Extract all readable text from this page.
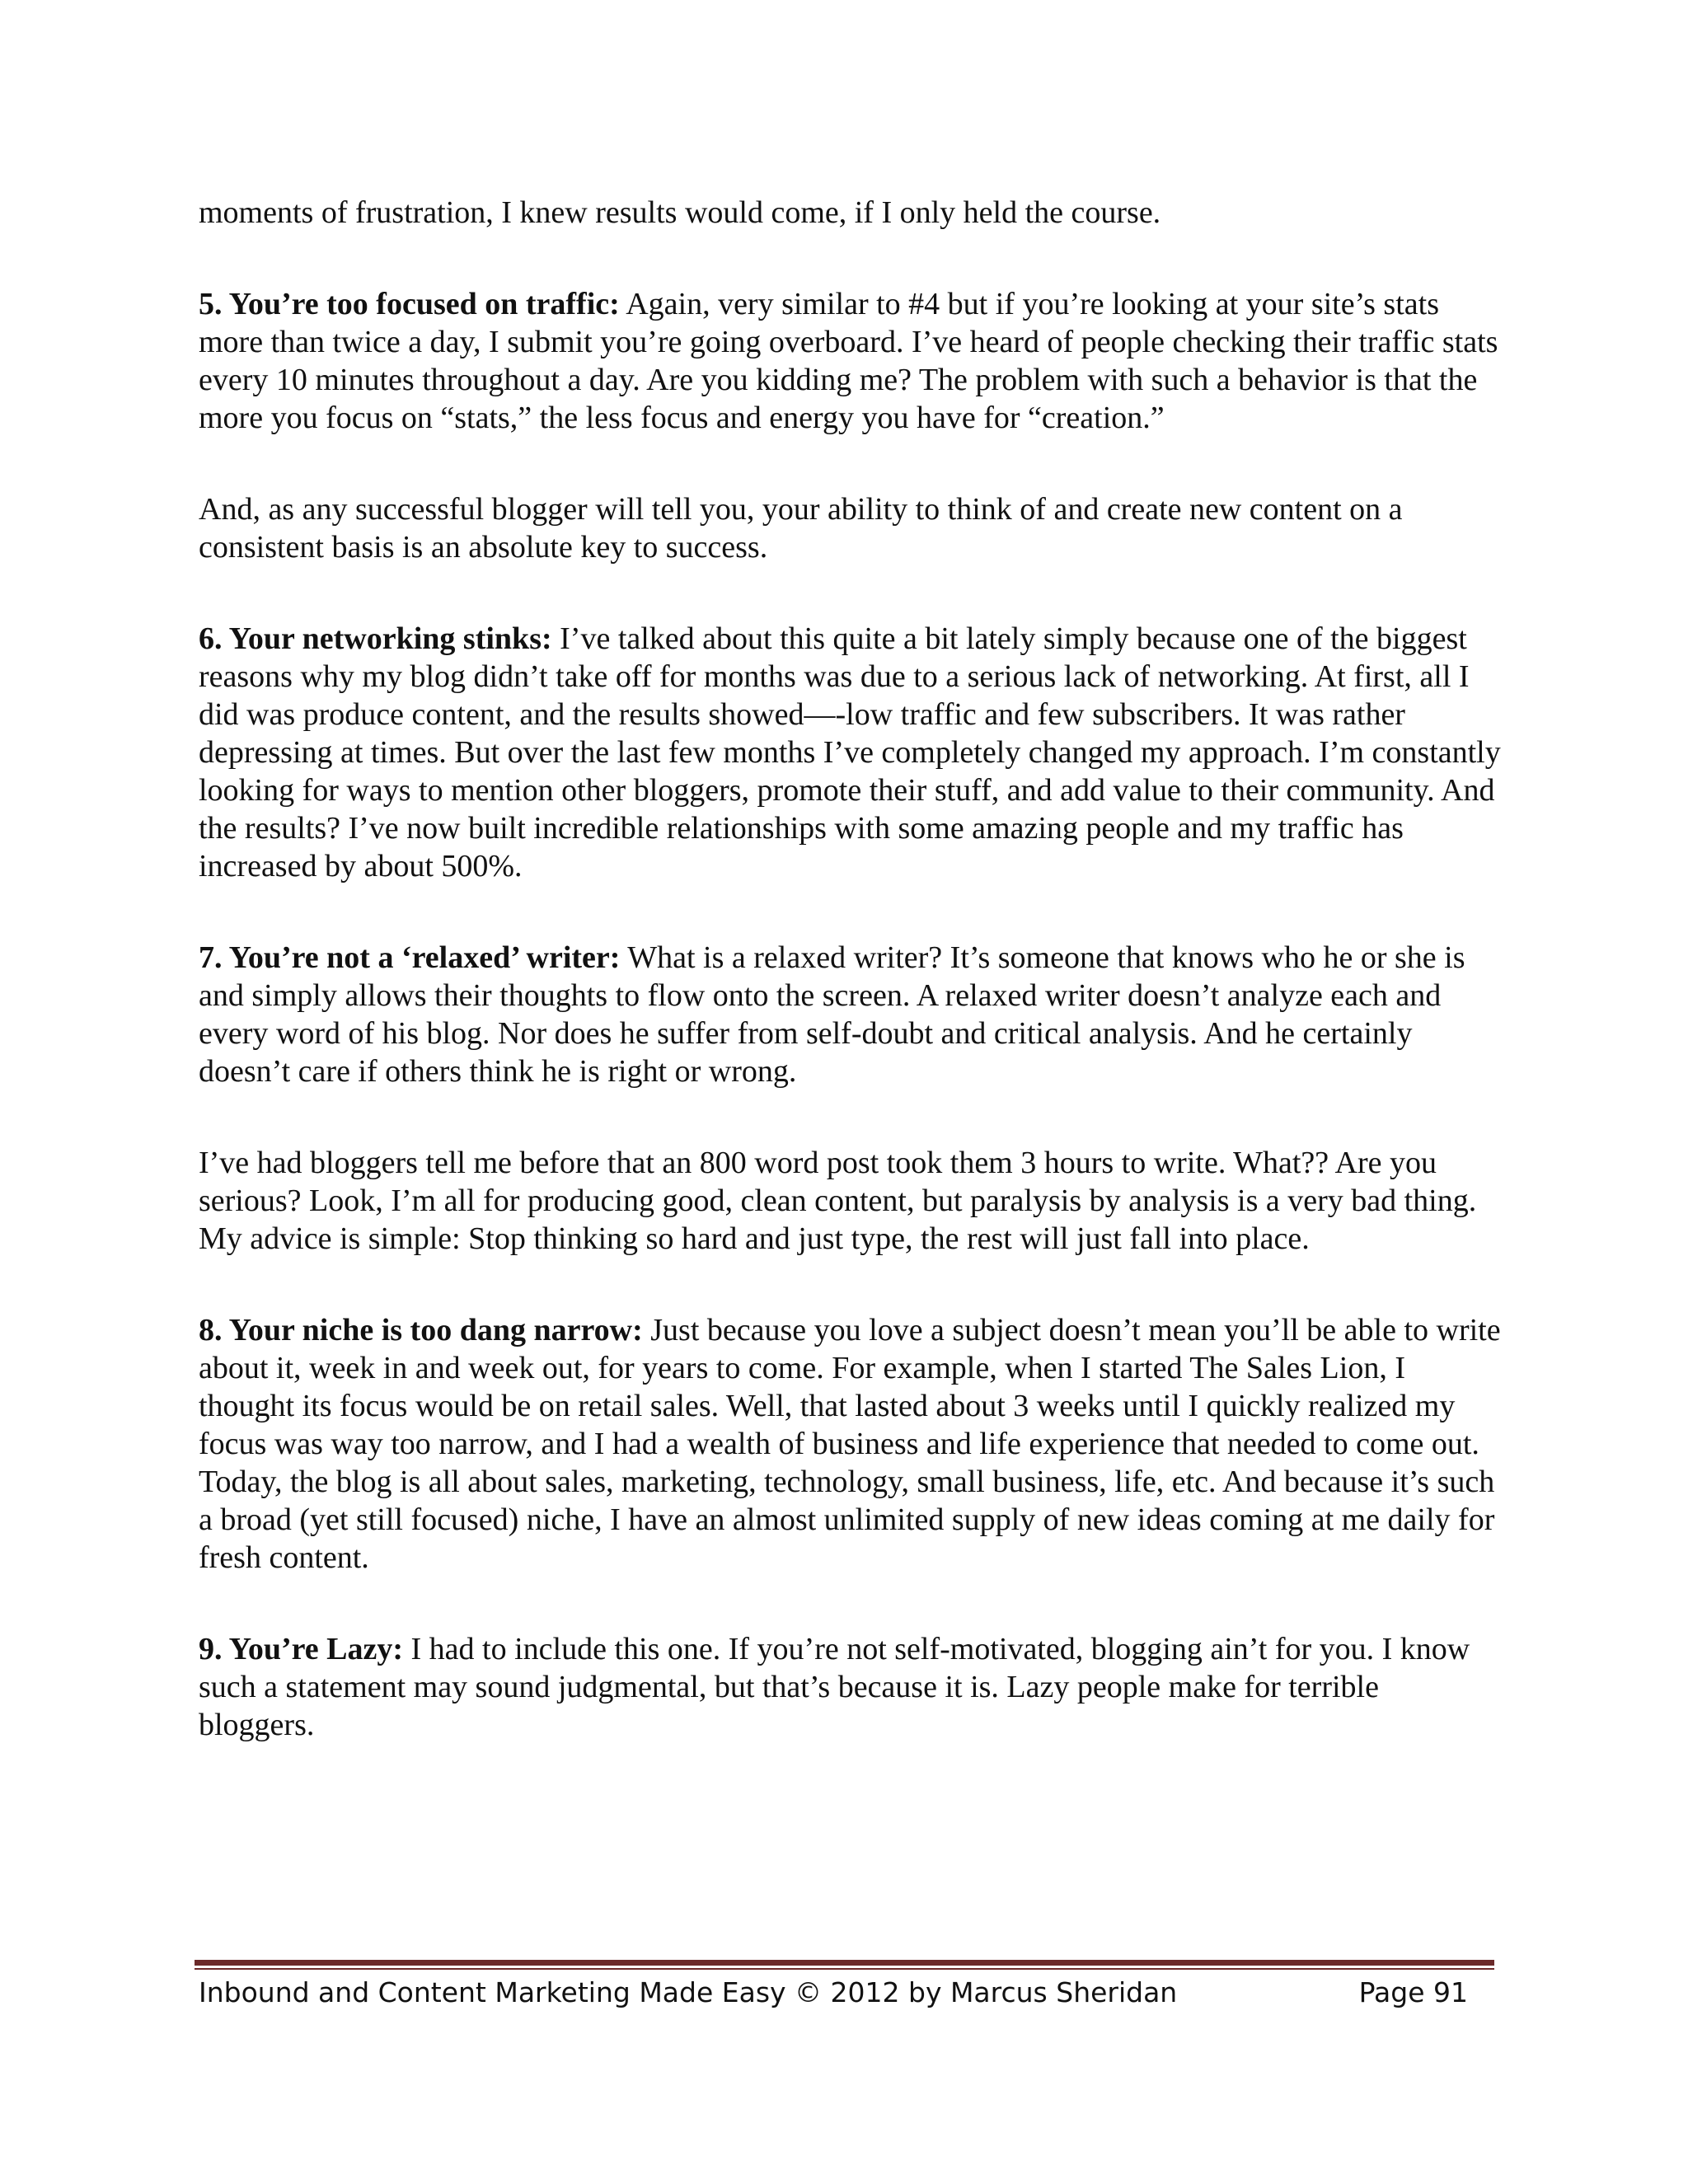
moments of frustration, I knew results would come, if I only held the course.

5. You’re too focused on traffic: Again, very similar to #4 but if you’re looking at your site’s stats more than twice a day, I submit you’re going overboard. I’ve heard of people checking their traffic stats every 10 minutes throughout a day. Are you kidding me? The problem with such a behavior is that the more you focus on “stats,” the less focus and energy you have for “creation.”

And, as any successful blogger will tell you, your ability to think of and create new content on a consistent basis is an absolute key to success.

6. Your networking stinks: I’ve talked about this quite a bit lately simply because one of the biggest reasons why my blog didn’t take off for months was due to a serious lack of networking. At first, all I did was produce content, and the results showed—-low traffic and few subscribers. It was rather depressing at times. But over the last few months I’ve completely changed my approach. I’m constantly looking for ways to mention other bloggers, promote their stuff, and add value to their community. And the results? I’ve now built incredible relationships with some amazing people and my traffic has increased by about 500%.

7. You’re not a ‘relaxed’ writer: What is a relaxed writer? It’s someone that knows who he or she is and simply allows their thoughts to flow onto the screen. A relaxed writer doesn’t analyze each and every word of his blog. Nor does he suffer from self-doubt and critical analysis. And he certainly doesn’t care if others think he is right or wrong.

I’ve had bloggers tell me before that an 800 word post took them 3 hours to write. What?? Are you serious? Look, I’m all for producing good, clean content, but paralysis by analysis is a very bad thing. My advice is simple: Stop thinking so hard and just type, the rest will just fall into place.

8. Your niche is too dang narrow: Just because you love a subject doesn’t mean you’ll be able to write about it, week in and week out, for years to come. For example, when I started The Sales Lion, I thought its focus would be on retail sales. Well, that lasted about 3 weeks until I quickly realized my focus was way too narrow, and I had a wealth of business and life experience that needed to come out. Today, the blog is all about sales, marketing, technology, small business, life, etc. And because it’s such a broad (yet still focused) niche, I have an almost unlimited supply of new ideas coming at me daily for fresh content.

9. You’re Lazy: I had to include this one. If you’re not self-motivated, blogging ain’t for you. I know such a statement may sound judgmental, but that’s because it is. Lazy people make for terrible bloggers.

Inbound and Content Marketing Made Easy © 2012 by Marcus Sheridan	Page 91
